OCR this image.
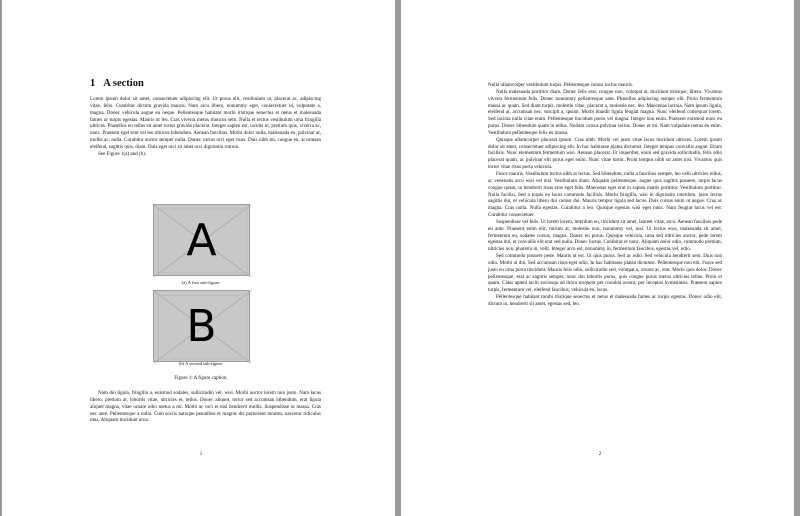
1 A section

Lorem ipsum dolor sit amet, consectetuer adipiscing elit. Ut purus elit, vestibulum ut, placerat ac, adipiscing vitae, felis. Curabitur dictum gravida mauris. Nam arcu libero, nonummy eget, consectetuer id, vulputate a, magna. Donec vehicula augue eu neque. Pellentesque habitant morbi tristique senectus et netus et malesuada fames ac turpis egestas. Mauris ut leo. Cras viverra metus rhoncus sem. Nulla et lectus vestibulum urna fringilla ultrices. Phasellus eu tellus sit amet tortor gravida placerat. Integer sapien est, iaculis in, pretium quis, viverra ac, nunc. Praesent eget sem vel leo ultrices bibendum. Aenean faucibus. Morbi dolor nulla, malesuada eu, pulvinar at, mollis ac, nulla. Curabitur auctor semper nulla. Donec varius orci eget risus. Duis nibh mi, congue eu, accumsan eleifend, sagittis quis, diam. Duis eget orci sit amet orci dignissim rutrum.

See Figure 1(a) and (b).

A
(a) A first sub-figure.
B
(b) A second sub-figure.
Figure 1: A figure caption.

Nam dui ligula, fringilla a, euismod sodales, sollicitudin vel, wisi. Morbi auctor lorem non justo. Nam lacus libero, pretium at, lobortis vitae, ultricies et, tellus. Donec aliquet, tortor sed accumsan bibendum, erat ligula aliquet magna, vitae ornare odio metus a mi. Morbi ac orci et nisl hendrerit mollis. Suspendisse ut massa. Cras nec ante. Pellentesque a nulla. Cum sociis natoque penatibus et magnis dis parturient montes, nascetur ridiculus mus. Aliquam tincidunt urna.

1

Nulla ullamcorper vestibulum turpis. Pellentesque cursus luctus mauris.

Nulla malesuada porttitor diam. Donec felis erat, congue non, volutpat at, tincidunt tristique, libero. Vivamus viverra fermentum felis. Donec nonummy pellentesque ante. Phasellus adipiscing semper elit. Proin fermentum massa ac quam. Sed diam turpis, molestie vitae, placerat a, molestie nec, leo. Maecenas lacinia. Nam ipsum ligula, eleifend at, accumsan nec, suscipit a, ipsum. Morbi blandit ligula feugiat magna. Nunc eleifend consequat lorem. Sed lacinia nulla vitae enim. Pellentesque tincidunt purus vel magna. Integer non enim. Praesent euismod nunc eu purus. Donec bibendum quam in tellus. Nullam cursus pulvinar lectus. Donec et mi. Nam vulputate metus eu enim. Vestibulum pellentesque felis eu massa.

Quisque ullamcorper placerat ipsum. Cras nibh. Morbi vel justo vitae lacus tincidunt ultrices. Lorem ipsum dolor sit amet, consectetuer adipiscing elit. In hac habitasse platea dictumst. Integer tempus convallis augue. Etiam facilisis. Nunc elementum fermentum wisi. Aenean placerat. Ut imperdiet, enim sed gravida sollicitudin, felis odio placerat quam, ac pulvinar elit purus eget enim. Nunc vitae tortor. Proin tempus nibh sit amet nisl. Vivamus quis tortor vitae risus porta vehicula.

Fusce mauris. Vestibulum luctus nibh at lectus. Sed bibendum, nulla a faucibus semper, leo velit ultricies tellus, ac venenatis arcu wisi vel nisl. Vestibulum diam. Aliquam pellentesque, augue quis sagittis posuere, turpis lacus congue quam, in hendrerit risus eros eget felis. Maecenas eget erat in sapien mattis porttitor. Vestibulum porttitor. Nulla facilisi. Sed a turpis eu lacus commodo facilisis. Morbi fringilla, wisi in dignissim interdum, justo lectus sagittis dui, et vehicula libero dui cursus dui. Mauris tempor ligula sed lacus. Duis cursus enim ut augue. Cras ac magna. Cras nulla. Nulla egestas. Curabitur a leo. Quisque egestas wisi eget nunc. Nam feugiat lacus vel est. Curabitur consectetuer.

Suspendisse vel felis. Ut lorem lorem, interdum eu, tincidunt sit amet, laoreet vitae, arcu. Aenean faucibus pede eu ante. Praesent enim elit, rutrum at, molestie non, nonummy vel, nisl. Ut lectus eros, malesuada sit amet, fermentum eu, sodales cursus, magna. Donec eu purus. Quisque vehicula, urna sed ultricies auctor, pede lorem egestas dui, et convallis elit erat sed nulla. Donec luctus. Curabitur et nunc. Aliquam dolor odio, commodo pretium, ultricies non, pharetra in, velit. Integer arcu est, nonummy in, fermentum faucibus, egestas vel, odio.

Sed commodo posuere pede. Mauris ut est. Ut quis purus. Sed ac odio. Sed vehicula hendrerit sem. Duis non odio. Morbi ut dui. Sed accumsan risus eget odio. In hac habitasse platea dictumst. Pellentesque non elit. Fusce sed justo eu urna porta tincidunt. Mauris felis odio, sollicitudin sed, volutpat a, ornare ac, erat. Morbi quis dolor. Donec pellentesque, erat ac sagittis semper, nunc dui lobortis purus, quis congue purus metus ultricies tellus. Proin et quam. Class aptent taciti sociosqu ad litora torquent per conubia nostra, per inceptos hymenaeos. Praesent sapien turpis, fermentum vel, eleifend faucibus, vehicula eu, lacus.

Pellentesque habitant morbi tristique senectus et netus et malesuada fames ac turpis egestas. Donec odio elit, dictum in, hendrerit sit amet, egestas sed, leo.

2
